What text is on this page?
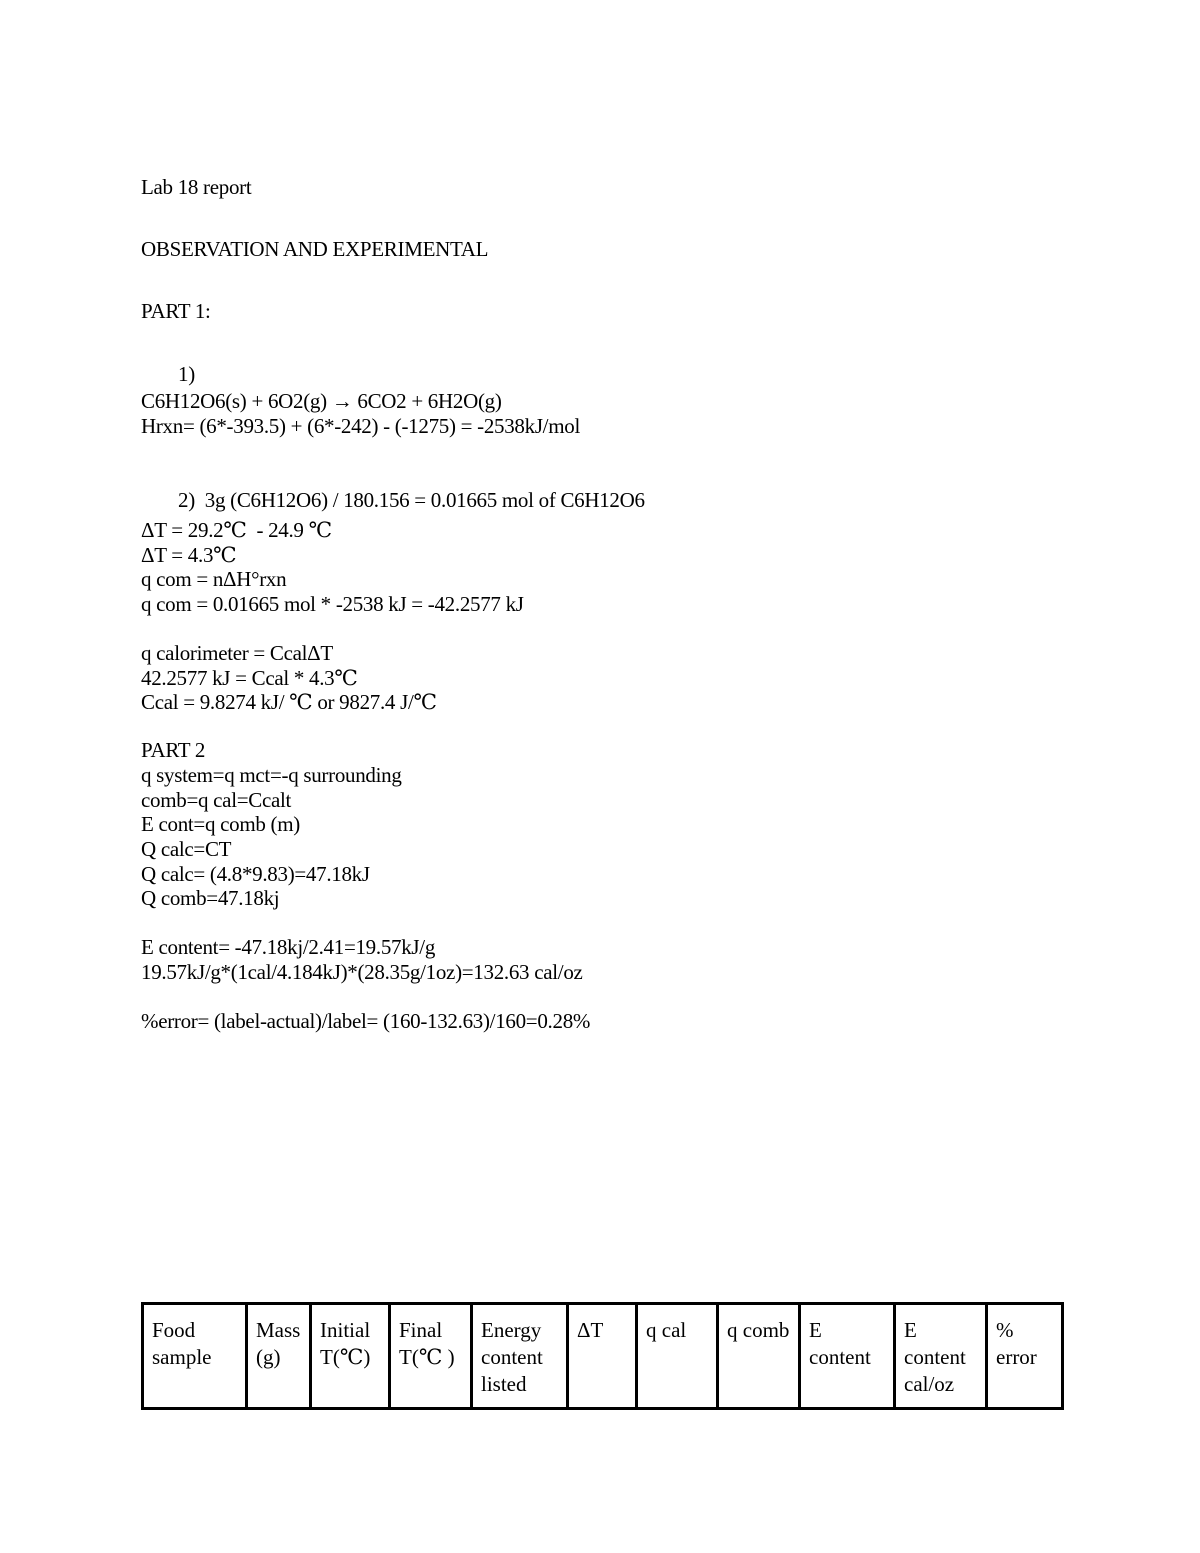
Lab 18 report
OBSERVATION AND EXPERIMENTAL
PART 1:
1)
C6H12O6(s) + 6O2(g) → 6CO2 + 6H2O(g)
Hrxn= (6*-393.5) + (6*-242) - (-1275) = -2538kJ/mol
2)  3g (C6H12O6) / 180.156 = 0.01665 mol of C6H12O6
ΔT = 29.2℃  - 24.9 ℃
ΔT = 4.3℃
q com = nΔH°rxn
q com = 0.01665 mol * -2538 kJ = -42.2577 kJ
q calorimeter = CcalΔT
42.2577 kJ = Ccal * 4.3℃
Ccal = 9.8274 kJ/ ℃ or 9827.4 J/℃
PART 2
q system=q mct=-q surrounding
comb=q cal=Ccalt
E cont=q comb (m)
Q calc=CT
Q calc= (4.8*9.83)=47.18kJ
Q comb=47.18kj
E content= -47.18kj/2.41=19.57kJ/g
19.57kJ/g*(1cal/4.184kJ)*(28.35g/1oz)=132.63 cal/oz
%error= (label-actual)/label= (160-132.63)/160=0.28%
Food sample	Mass (g)	Initial T(℃)	Final T(℃ )	Energy content listed	ΔT	q cal	q comb	E content	E content cal/oz	% error
